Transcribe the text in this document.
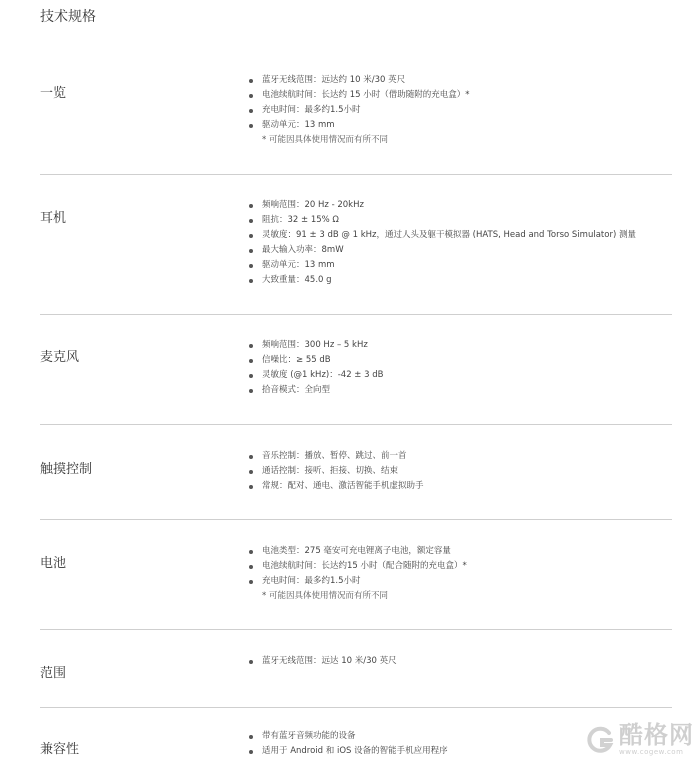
技术规格
一览
蓝牙无线范围：远达约 10 米/30 英尺
电池续航时间：长达约 15 小时（借助随附的充电盒）*
充电时间：最多约1.5小时
驱动单元：13 mm
* 可能因具体使用情况而有所不同
耳机
频响范围：20 Hz - 20kHz
阻抗：32 ± 15% Ω
灵敏度：91 ± 3 dB @ 1 kHz，通过人头及躯干模拟器 (HATS, Head and Torso Simulator) 测量
最大输入功率：8mW
驱动单元：13 mm
大致重量：45.0 g
麦克风
频响范围：300 Hz – 5 kHz
信噪比：≥ 55 dB
灵敏度 (@1 kHz)：-42 ± 3 dB
拾音模式：全向型
触摸控制
音乐控制：播放、暂停、跳过、前一首
通话控制：接听、拒接、切换、结束
常规：配对、通电、激活智能手机虚拟助手
电池
电池类型：275 毫安可充电锂离子电池，额定容量
电池续航时间：长达约15 小时（配合随附的充电盒）*
充电时间：最多约1.5小时
* 可能因具体使用情况而有所不同
范围
蓝牙无线范围：远达 10 米/30 英尺
兼容性
带有蓝牙音频功能的设备
适用于 Android 和 iOS 设备的智能手机应用程序
酷格网
www.cogew.com
